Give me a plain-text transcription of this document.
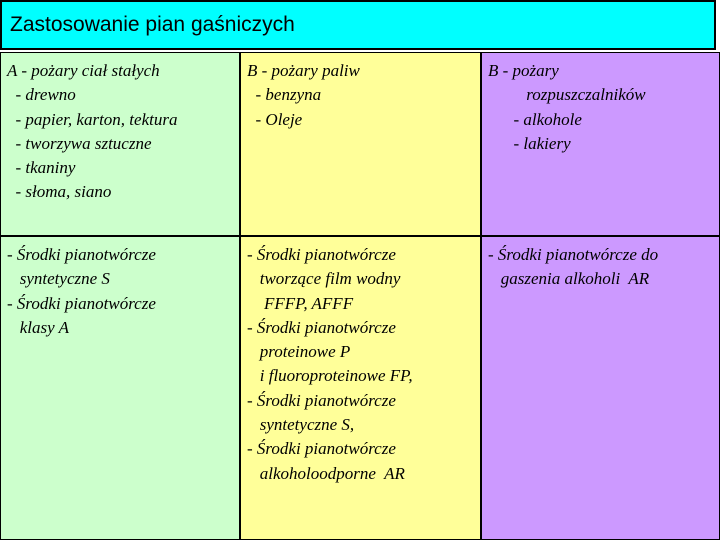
Zastosowanie pian gaśniczych
A - pożary ciał stałych
- drewno
- papier, karton, tektura
- tworzywa sztuczne
- tkaniny
- słoma, siano
B - pożary paliw
- benzyna
- Oleje
B - pożary
rozpuszczalników
- alkohole
- lakiery
- Środki pianotwórcze
syntetyczne S
- Środki pianotwórcze
klasy A
- Środki pianotwórcze
tworzące film wodny
FFFP, AFFF
- Środki pianotwórcze
proteinowe P
i fluoroproteinowe FP,
- Środki pianotwórcze
syntetyczne S,
- Środki pianotwórcze
alkoholoodporne  AR
- Środki pianotwórcze do
gaszenia alkoholi  AR
